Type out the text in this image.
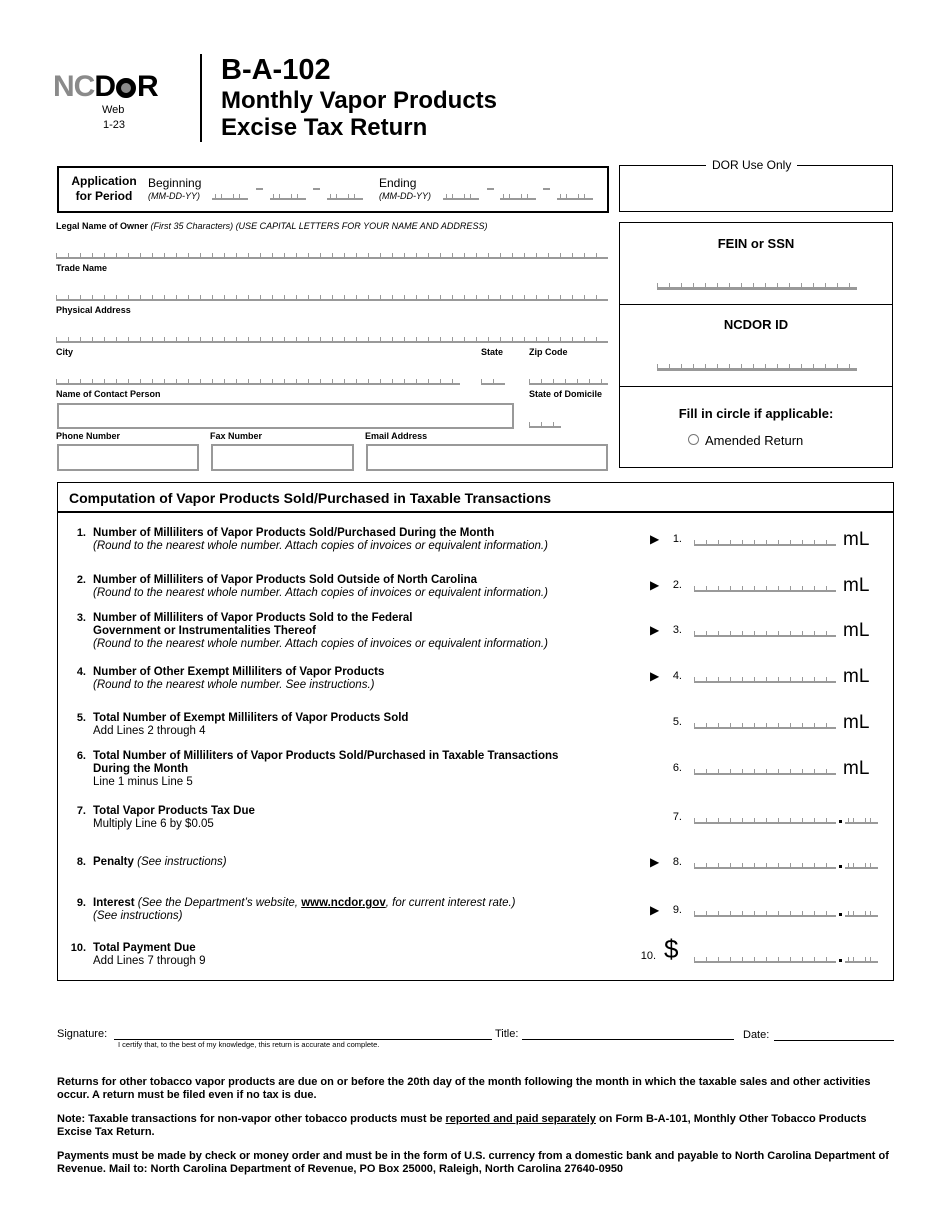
NCD R
Web
1-23
B-A-102
Monthly Vapor Products
Excise Tax Return
Application
for Period
Beginning
(MM-DD-YY)
Ending
(MM-DD-YY)
Legal Name of Owner (First 35 Characters) (USE CAPITAL LETTERS FOR YOUR NAME AND ADDRESS)
Trade Name
Physical Address
City	State	Zip Code
Name of Contact Person	State of Domicile
Phone Number	Fax Number	Email Address
DOR Use Only
FEIN or SSN
NCDOR ID
Fill in circle if applicable:
Amended Return
Computation of Vapor Products Sold/Purchased in Taxable Transactions
1. Number of Milliliters of Vapor Products Sold/Purchased During the Month
(Round to the nearest whole number. Attach copies of invoices or equivalent information.)	▶	1.	mL
2. Number of Milliliters of Vapor Products Sold Outside of North Carolina
(Round to the nearest whole number. Attach copies of invoices or equivalent information.)
▶	2.	mL
3. Number of Milliliters of Vapor Products Sold to the Federal
Government or Instrumentalities Thereof
(Round to the nearest whole number. Attach copies of invoices or equivalent information.)
▶	3.	mL
4. Number of Other Exempt Milliliters of Vapor Products
(Round to the nearest whole number. See instructions.)
▶	4.	mL
5. Total Number of Exempt Milliliters of Vapor Products Sold
Add Lines 2 through 4
5.	mL
6. Total Number of Milliliters of Vapor Products Sold/Purchased in Taxable Transactions
During the Month
Line 1 minus Line 5
6.	mL
7. Total Vapor Products Tax Due
Multiply Line 6 by $0.05
7.
8. Penalty (See instructions)	▶	8.
9. Interest (See the Department’s website, www.ncdor.gov, for current interest rate.)
(See instructions)	▶	9.
10. Total Payment Due
Add Lines 7 through 9	10. $
Signature:
I certify that, to the best of my knowledge, this return is accurate and complete.
Title:	Date:
Returns for other tobacco vapor products are due on or before the 20th day of the month following the month in which the taxable sales and other activities occur. A return must be filed even if no tax is due.
Note: Taxable transactions for non-vapor other tobacco products must be reported and paid separately on Form B-A-101, Monthly Other Tobacco Products Excise Tax Return.
Payments must be made by check or money order and must be in the form of U.S. currency from a domestic bank and payable to North Carolina Department of Revenue. Mail to: North Carolina Department of Revenue, PO Box 25000, Raleigh, North Carolina 27640-0950
